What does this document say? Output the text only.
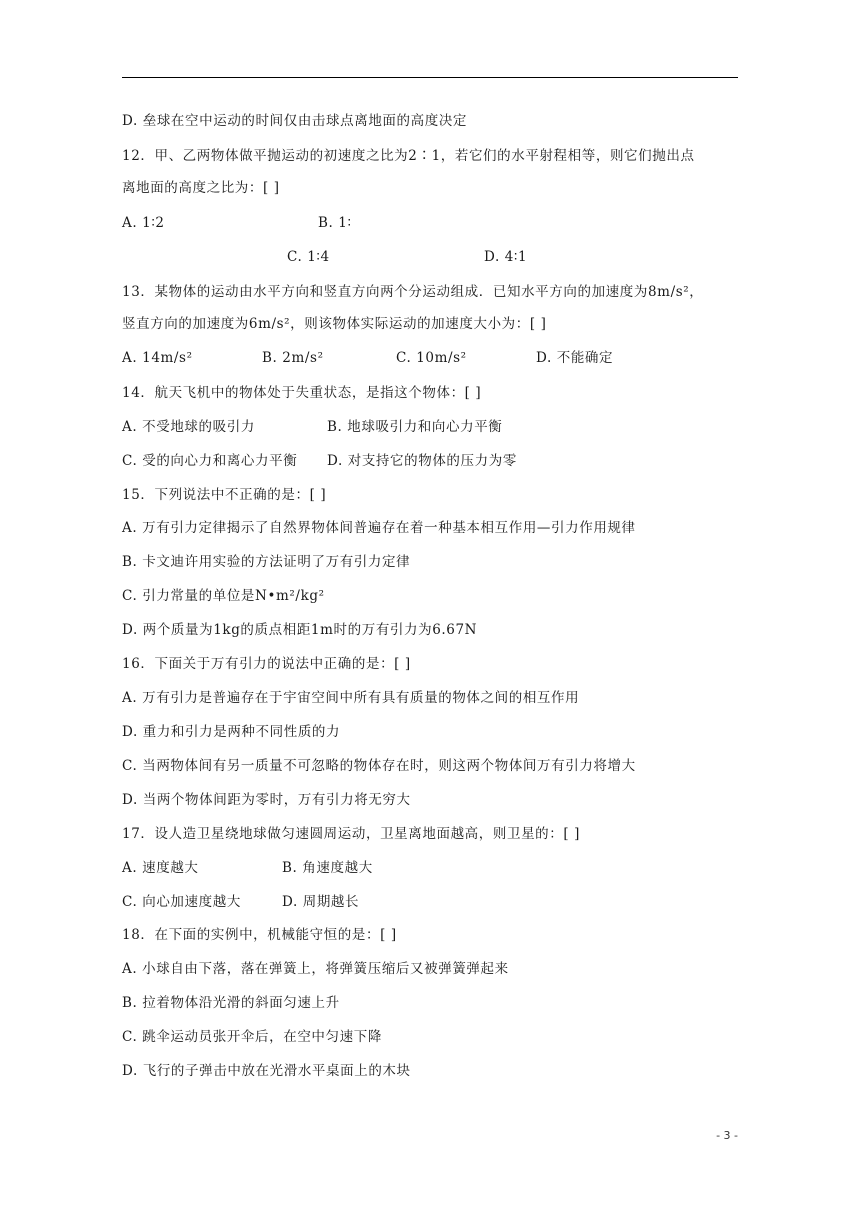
D. 垒球在空中运动的时间仅由击球点离地面的高度决定
12．甲、乙两物体做平抛运动的初速度之比为2∶1，若它们的水平射程相等，则它们抛出点
离地面的高度之比为：[ ]
A. 1∶2	B. 1∶
C. 1∶4	D. 4∶1
13．某物体的运动由水平方向和竖直方向两个分运动组成．已知水平方向的加速度为8m/s²，
竖直方向的加速度为6m/s²，则该物体实际运动的加速度大小为：[ ]
A. 14m/s²	B. 2m/s²	C. 10m/s²	D. 不能确定
14．航天飞机中的物体处于失重状态，是指这个物体：[ ]
A. 不受地球的吸引力	B. 地球吸引力和向心力平衡
C. 受的向心力和离心力平衡 D. 对支持它的物体的压力为零
15．下列说法中不正确的是：[ ]
A. 万有引力定律揭示了自然界物体间普遍存在着一种基本相互作用—引力作用规律
B. 卡文迪许用实验的方法证明了万有引力定律
C. 引力常量的单位是N•m²/kg²
D. 两个质量为1kg的质点相距1m时的万有引力为6.67N
16．下面关于万有引力的说法中正确的是：[ ]
A. 万有引力是普遍存在于宇宙空间中所有具有质量的物体之间的相互作用
D. 重力和引力是两种不同性质的力
C. 当两物体间有另一质量不可忽略的物体存在时，则这两个物体间万有引力将增大
D. 当两个物体间距为零时，万有引力将无穷大
17．设人造卫星绕地球做匀速圆周运动，卫星离地面越高，则卫星的：[ ]
A. 速度越大	B. 角速度越大
C. 向心加速度越大	D. 周期越长
18．在下面的实例中，机械能守恒的是：[ ]
A. 小球自由下落，落在弹簧上，将弹簧压缩后又被弹簧弹起来
B. 拉着物体沿光滑的斜面匀速上升
C. 跳伞运动员张开伞后，在空中匀速下降
D. 飞行的子弹击中放在光滑水平桌面上的木块
- 3 -
